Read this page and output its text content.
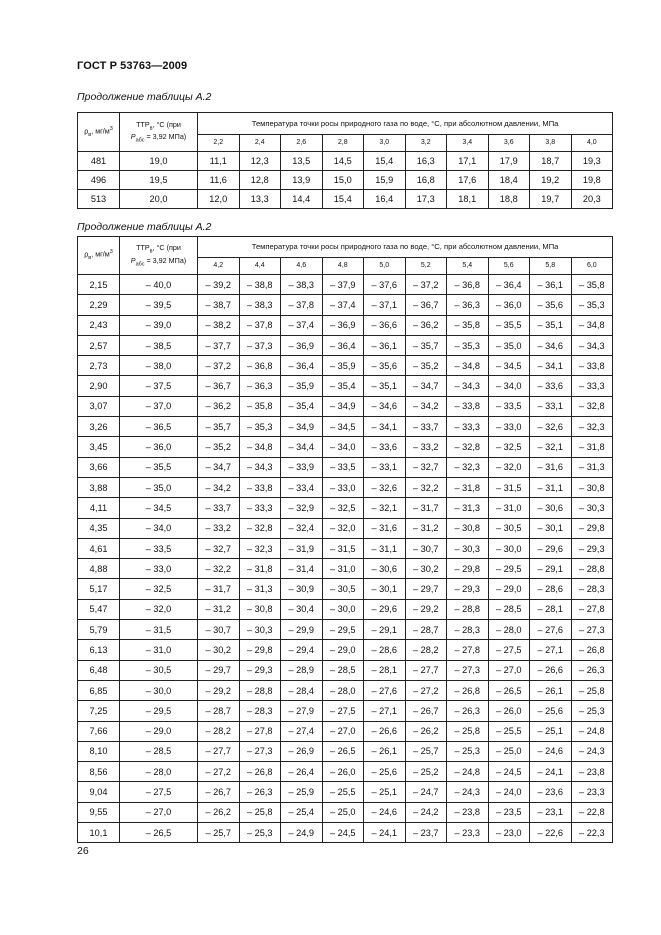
ГОСТ Р 53763—2009
Продолжение таблицы А.2
$\rho_в$, $мг/м^3$	$ТТР_в$, °С (при
$Р_{абс} = 3,92$ МПа)	Температура точки росы природного газа по воде, °С, при абсолютном давлении, МПа									
		2,2	2,4	2,6	2,8	3,0	3,2	3,4	3,6	3,8	4,0
481	19,0	11,1	12,3	13,5	14,5	15,4	16,3	17,1	17,9	18,7	19,3
496	19,5	11,6	12,8	13,9	15,0	15,9	16,8	17,6	18,4	19,2	19,8
513	20,0	12,0	13,3	14,4	15,4	16,4	17,3	18,1	18,8	19,7	20,3
Продолжение таблицы А.2
$\rho_в$, $мг/м^3$	$ТТР_в$, °С (при
$Р_{абс} = 3,92$ МПа)	Температура точки росы природного газа по воде, °С, при абсолютном давлении, МПа									
		4,2	4,4	4,6	4,8	5,0	5,2	5,4	5,6	5,8	6,0
2,15	– 40,0	– 39,2	– 38,8	– 38,3	– 37,9	– 37,6	– 37,2	– 36,8	– 36,4	– 36,1	– 35,8
2,29	– 39,5	– 38,7	– 38,3	– 37,8	– 37,4	– 37,1	– 36,7	– 36,3	– 36,0	– 35,6	– 35,3
2,43	– 39,0	– 38,2	– 37,8	– 37,4	– 36,9	– 36,6	– 36,2	– 35,8	– 35,5	– 35,1	– 34,8
2,57	– 38,5	– 37,7	– 37,3	– 36,9	– 36,4	– 36,1	– 35,7	– 35,3	– 35,0	– 34,6	– 34,3
2,73	– 38,0	– 37,2	– 36,8	– 36,4	– 35,9	– 35,6	– 35,2	– 34,8	– 34,5	– 34,1	– 33,8
2,90	– 37,5	– 36,7	– 36,3	– 35,9	– 35,4	– 35,1	– 34,7	– 34,3	– 34,0	– 33,6	– 33,3
3,07	– 37,0	– 36,2	– 35,8	– 35,4	– 34,9	– 34,6	– 34,2	– 33,8	– 33,5	– 33,1	– 32,8
3,26	– 36,5	– 35,7	– 35,3	– 34,9	– 34,5	– 34,1	– 33,7	– 33,3	– 33,0	– 32,6	– 32,3
3,45	– 36,0	– 35,2	– 34,8	– 34,4	– 34,0	– 33,6	– 33,2	– 32,8	– 32,5	– 32,1	– 31,8
3,66	– 35,5	– 34,7	– 34,3	– 33,9	– 33,5	– 33,1	– 32,7	– 32,3	– 32,0	– 31,6	– 31,3
3,88	– 35,0	– 34,2	– 33,8	– 33,4	– 33,0	– 32,6	– 32,2	– 31,8	– 31,5	– 31,1	– 30,8
4,11	– 34,5	– 33,7	– 33,3	– 32,9	– 32,5	– 32,1	– 31,7	– 31,3	– 31,0	– 30,6	– 30,3
4,35	– 34,0	– 33,2	– 32,8	– 32,4	– 32,0	– 31,6	– 31,2	– 30,8	– 30,5	– 30,1	– 29,8
4,61	– 33,5	– 32,7	– 32,3	– 31,9	– 31,5	– 31,1	– 30,7	– 30,3	– 30,0	– 29,6	– 29,3
4,88	– 33,0	– 32,2	– 31,8	– 31,4	– 31,0	– 30,6	– 30,2	– 29,8	– 29,5	– 29,1	– 28,8
5,17	– 32,5	– 31,7	– 31,3	– 30,9	– 30,5	– 30,1	– 29,7	– 29,3	– 29,0	– 28,6	– 28,3
5,47	– 32,0	– 31,2	– 30,8	– 30,4	– 30,0	– 29,6	– 29,2	– 28,8	– 28,5	– 28,1	– 27,8
5,79	– 31,5	– 30,7	– 30,3	– 29,9	– 29,5	– 29,1	– 28,7	– 28,3	– 28,0	– 27,6	– 27,3
6,13	– 31,0	– 30,2	– 29,8	– 29,4	– 29,0	– 28,6	– 28,2	– 27,8	– 27,5	– 27,1	– 26,8
6,48	– 30,5	– 29,7	– 29,3	– 28,9	– 28,5	– 28,1	– 27,7	– 27,3	– 27,0	– 26,6	– 26,3
6,85	– 30,0	– 29,2	– 28,8	– 28,4	– 28,0	– 27,6	– 27,2	– 26,8	– 26,5	– 26,1	– 25,8
7,25	– 29,5	– 28,7	– 28,3	– 27,9	– 27,5	– 27,1	– 26,7	– 26,3	– 26,0	– 25,6	– 25,3
7,66	– 29,0	– 28,2	– 27,8	– 27,4	– 27,0	– 26,6	– 26,2	– 25,8	– 25,5	– 25,1	– 24,8
8,10	– 28,5	– 27,7	– 27,3	– 26,9	– 26,5	– 26,1	– 25,7	– 25,3	– 25,0	– 24,6	– 24,3
8,56	– 28,0	– 27,2	– 26,8	– 26,4	– 26,0	– 25,6	– 25,2	– 24,8	– 24,5	– 24,1	– 23,8
9,04	– 27,5	– 26,7	– 26,3	– 25,9	– 25,5	– 25,1	– 24,7	– 24,3	– 24,0	– 23,6	– 23,3
9,55	– 27,0	– 26,2	– 25,8	– 25,4	– 25,0	– 24,6	– 24,2	– 23,8	– 23,5	– 23,1	– 22,8
10,1	– 26,5	– 25,7	– 25,3	– 24,9	– 24,5	– 24,1	– 23,7	– 23,3	– 23,0	– 22,6	– 22,3
26
